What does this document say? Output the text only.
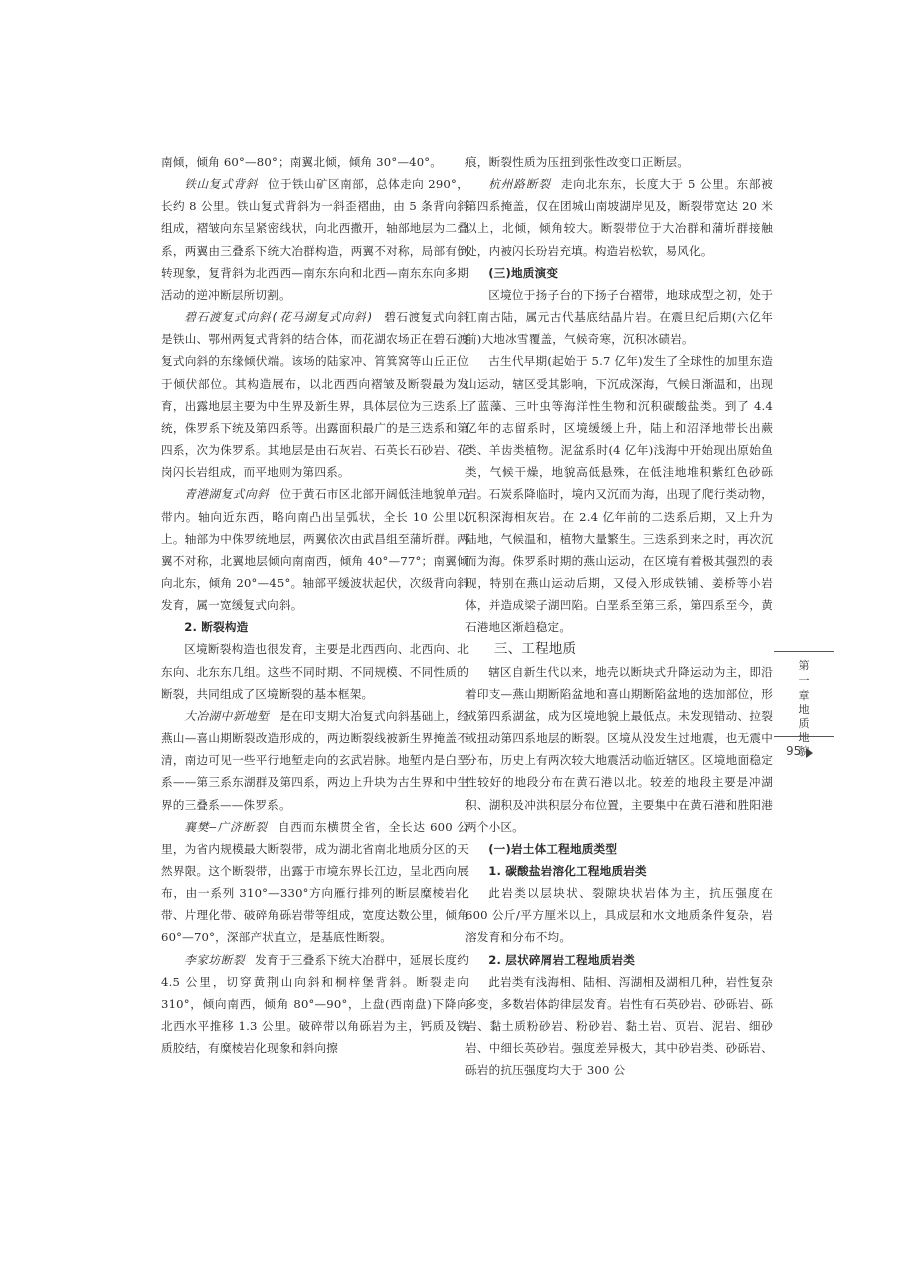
南倾，倾角 60°—80°；南翼北倾，倾角 30°—40°。

铁山复式背斜 位于铁山矿区南部，总体走向 290°，长约 8 公里。铁山复式背斜为一斜歪褶曲，由 5 条背向斜组成，褶皱向东呈紧密线状，向北西撒开，轴部地层为二叠系，两翼由三叠系下统大冶群构造，两翼不对称，局部有倒转现象，复背斜为北西西—南东东向和北西—南东东向多期活动的逆冲断层所切割。

碧石渡复式向斜(花马湖复式向斜) 碧石渡复式向斜是铁山、鄂州两复式背斜的结合体，而花湖农场正在碧石渡复式向斜的东缘倾伏端。该场的陆家冲、筲箕窝等山丘正位于倾伏部位。其构造展布，以北西西向褶皱及断裂最为发育，出露地层主要为中生界及新生界，具体层位为三迭系上统，侏罗系下统及第四系等。出露面积最广的是三迭系和第四系，次为侏罗系。其地层是由石灰岩、石英长石砂岩、花岗闪长岩组成，而平地则为第四系。

青港湖复式向斜 位于黄石市区北部开阔低洼地貌单元带内。轴向近东西，略向南凸出呈弧状，全长 10 公里以上。轴部为中侏罗统地层，两翼依次由武昌组至蒲圻群。两翼不对称，北翼地层倾向南南西，倾角 40°—77°；南翼倾向北东，倾角 20°—45°。轴部平缓波状起伏，次级背向斜发育，属一宽缓复式向斜。

2. 断裂构造

区境断裂构造也很发育，主要是北西西向、北西向、北东向、北东东几组。这些不同时期、不同规模、不同性质的断裂，共同组成了区境断裂的基本框架。

大冶湖中新地堑 是在印支期大冶复式向斜基础上，经燕山—喜山期断裂改造形成的，两边断裂线被新生界掩盖不清，南边可见一些平行地堑走向的玄武岩脉。地堑内是白垩系——第三系东湖群及第四系，两边上升块为古生界和中生界的三叠系——侏罗系。

襄樊—广济断裂 自西而东横贯全省，全长达 600 公里，为省内规模最大断裂带，成为湖北省南北地质分区的天然界限。这个断裂带，出露于市境东界长江边，呈北西向展布，由一系列 310°—330°方向雁行排列的断层糜棱岩化带、片理化带、破碎角砾岩带等组成，宽度达数公里，倾角 60°—70°，深部产状直立，是基底性断裂。

李家坊断裂 发育于三叠系下统大冶群中，延展长度约 4.5 公里，切穿黄荆山向斜和桐梓堡背斜。断裂走向 310°，倾向南西，倾角 80°—90°，上盘(西南盘)下降向北西水平推移 1.3 公里。破碎带以角砾岩为主，钙质及铁质胶结，有糜棱岩化现象和斜向擦

痕，断裂性质为压扭到张性改变口正断层。

杭州路断裂 走向北东东，长度大于 5 公里。东部被第四系掩盖，仅在团城山南坡湖岸见及，断裂带宽达 20 米以上，北倾，倾角较大。断裂带位于大冶群和蒲圻群接触处，内被闪长玢岩充填。构造岩松软，易风化。

(三)地质演变

区境位于扬子台的下扬子台褶带，地球成型之初，处于江南古陆，属元古代基底结晶片岩。在震旦纪后期(六亿年前)大地冰雪覆盖，气候奇寒，沉积冰碛岩。

古生代早期(起始于 5.7 亿年)发生了全球性的加里东造山运动，辖区受其影响，下沉成深海，气候日渐温和，出现了蓝藻、三叶虫等海洋性生物和沉积碳酸盐类。到了 4.4 亿年的志留系时，区境缓缓上升，陆上和沼泽地带长出蕨类、羊齿类植物。泥盆系时(4 亿年)浅海中开始现出原始鱼类，气候干燥，地貌高低悬殊，在低洼地堆积紫红色砂砾岩。石炭系降临时，境内又沉而为海，出现了爬行类动物，沉积深海相灰岩。在 2.4 亿年前的二迭系后期，又上升为陆地，气候温和，植物大量繁生。三迭系到来之时，再次沉而为海。侏罗系时期的燕山运动，在区境有着极其强烈的表现，特别在燕山运动后期，又侵入形成铁铺、姜桥等小岩体，并造成梁子湖凹陷。白垩系至第三系，第四系至今，黄石港地区渐趋稳定。

三、工程地质

辖区自新生代以来，地壳以断块式升降运动为主，即沿着印支—燕山期断陷盆地和喜山期断陷盆地的迭加部位，形成第四系湖盆，成为区境地貌上最低点。未发现错动、拉裂或扭动第四系地层的断裂。区境从没发生过地震，也无震中分布，历史上有两次较大地震活动临近辖区。区境地面稳定性较好的地段分布在黄石港以北。较差的地段主要是冲湖积、湖积及冲洪积层分布位置，主要集中在黄石港和胜阳港两个小区。

(一)岩土体工程地质类型

1. 碳酸盐岩溶化工程地质岩类

此岩类以层块状、裂隙块状岩体为主，抗压强度在 600 公斤/平方厘米以上，具成层和水文地质条件复杂，岩溶发育和分布不均。

2. 层状碎屑岩工程地质岩类

此岩类有浅海相、陆相、泻湖相及湖相几种，岩性复杂多变，多数岩体韵律层发育。岩性有石英砂岩、砂砾岩、砾岩、黏土质粉砂岩、粉砂岩、黏土岩、页岩、泥岩、细砂岩、中细长英砂岩。强度差异极大，其中砂岩类、砂砾岩、砾岩的抗压强度均大于 300 公

第
一
章
地
质
地
貌
95
